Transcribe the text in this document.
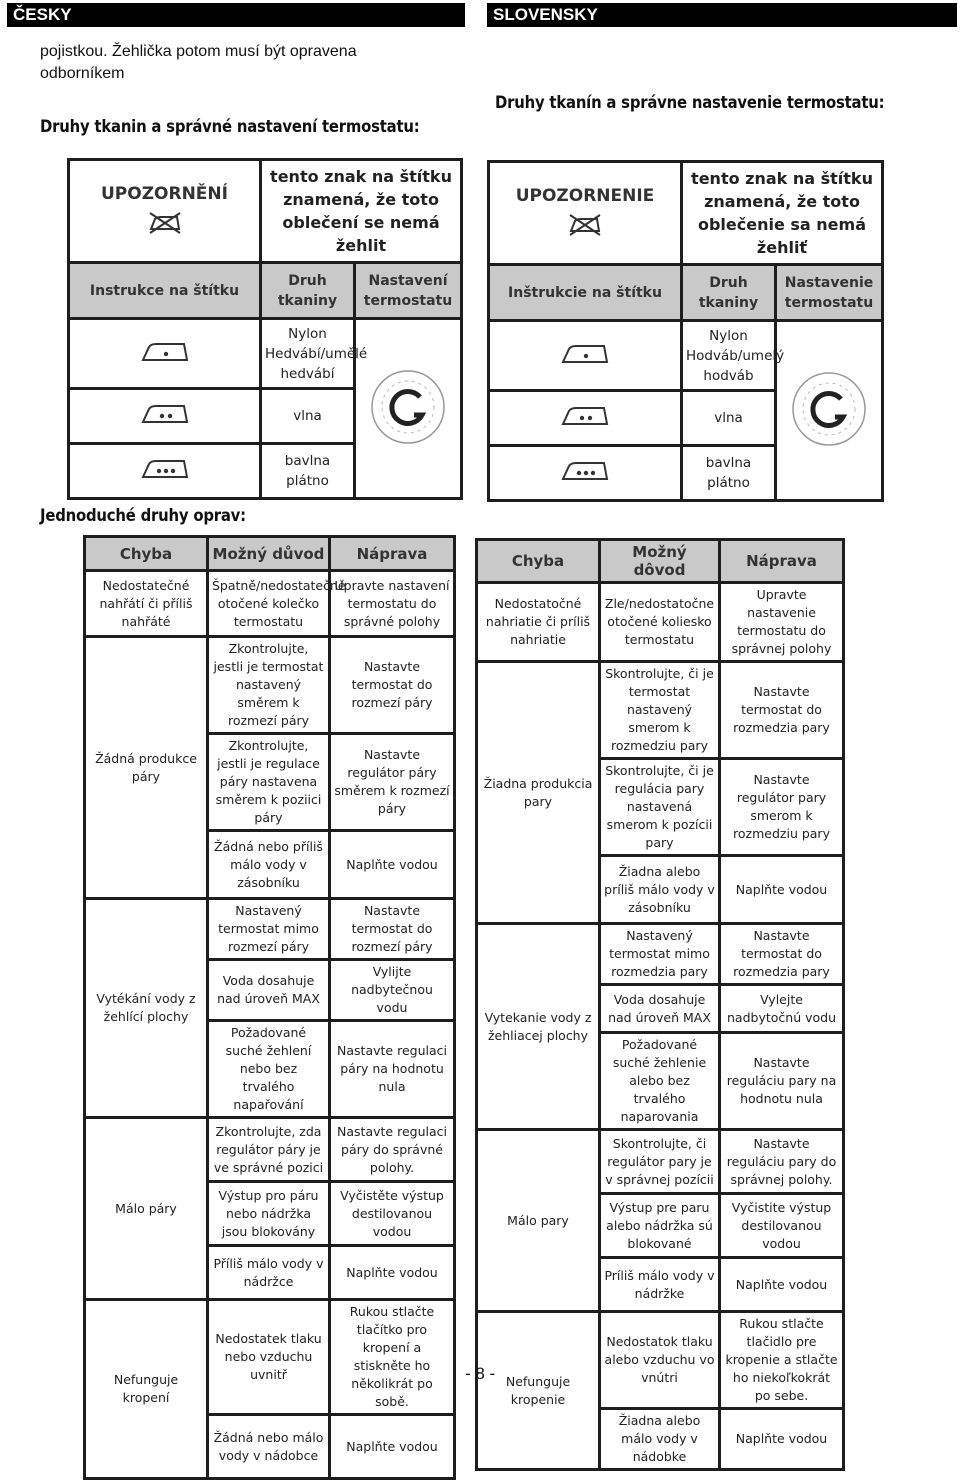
ČESKY
pojistkou. Žehlička potom musí být opravena odborníkem
Druhy tkanin a správné nastavení termostatu:
UPOZORNĚNÍ	tento znak na štítku znamená, že toto oblečení se nemá žehlit	

Instrukce na štítku	Druh tkaniny	Nastavení termostatu
	Nylon Hedvábí/umělé hedvábí	
	vlna	
	bavlna plátno	
Jednoduché druhy oprav:
Chyba	Možný důvod	Náprava
Nedostatečné nahřátí či příliš nahřáté	Špatně/nedostatečně otočené kolečko termostatu	Upravte nastavení termostatu do správné polohy
Žádná produkce páry	Zkontrolujte, jestli je termostat nastavený směrem k rozmezí páry	Nastavte termostat do rozmezí páry
	Zkontrolujte, jestli je regulace páry nastavena směrem k poziici páry	Nastavte regulátor páry směrem k rozmezí páry
	Žádná nebo příliš málo vody v zásobníku	Naplňte vodou
Vytékání vody z žehlící plochy	Nastavený termostat mimo rozmezí páry	Nastavte termostat do rozmezí páry
	Voda dosahuje nad úroveň MAX	Vylijte nadbytečnou vodu
	Požadované suché žehlení nebo bez trvalého napařování	Nastavte regulaci páry na hodnotu nula
Málo páry	Zkontrolujte, zda regulátor páry je ve správné pozici	Nastavte regulaci páry do správné polohy.
	Výstup pro páru nebo nádržka jsou blokovány	Vyčistěte výstup destilovanou vodou
	Příliš málo vody v nádržce	Naplňte vodou
Nefunguje kropení	Nedostatek tlaku nebo vzduchu uvnitř	Rukou stlačte tlačítko pro kropení a stiskněte ho několikrát po sobě.
	Žádná nebo málo vody v nádobce	Naplňte vodou
SLOVENSKY
Druhy tkanín a správne nastavenie termostatu:
UPOZORNENIE	tento znak na štítku znamená, že toto oblečenie sa nemá žehliť	

Inštrukcie na štítku	Druh tkaniny	Nastavenie termostatu
	Nylon Hodváb/umelý hodváb	
	vlna	
	bavlna plátno	
Chyba	Možný dôvod	Náprava
Nedostatočné nahriatie či príliš nahriatie	Zle/nedostatočne otočené koliesko termostatu	Upravte nastavenie termostatu do správnej polohy
Žiadna produkcia pary	Skontrolujte, či je termostat nastavený smerom k rozmedziu pary	Nastavte termostat do rozmedzia pary
	Skontrolujte, či je regulácia pary nastavená smerom k pozícii pary	Nastavte regulátor pary smerom k rozmedziu pary
	Žiadna alebo príliš málo vody v zásobníku	Naplňte vodou
Vytekanie vody z žehliacej plochy	Nastavený termostat mimo rozmedzia pary	Nastavte termostat do rozmedzia pary
	Voda dosahuje nad úroveň MAX	Vylejte nadbytočnú vodu
	Požadované suché žehlenie alebo bez trvalého naparovania	Nastavte reguláciu pary na hodnotu nula
Málo pary	Skontrolujte, či regulátor pary je v správnej pozícii	Nastavte reguláciu pary do správnej polohy.
	Výstup pre paru alebo nádržka sú blokované	Vyčistite výstup destilovanou vodou
	Príliš málo vody v nádržke	Naplňte vodou
Nefunguje kropenie	Nedostatok tlaku alebo vzduchu vo vnútri	Rukou stlačte tlačidlo pre kropenie a stlačte ho niekoľkokrát po sebe.
	Žiadna alebo málo vody v nádobke	Naplňte vodou
- 8 -
